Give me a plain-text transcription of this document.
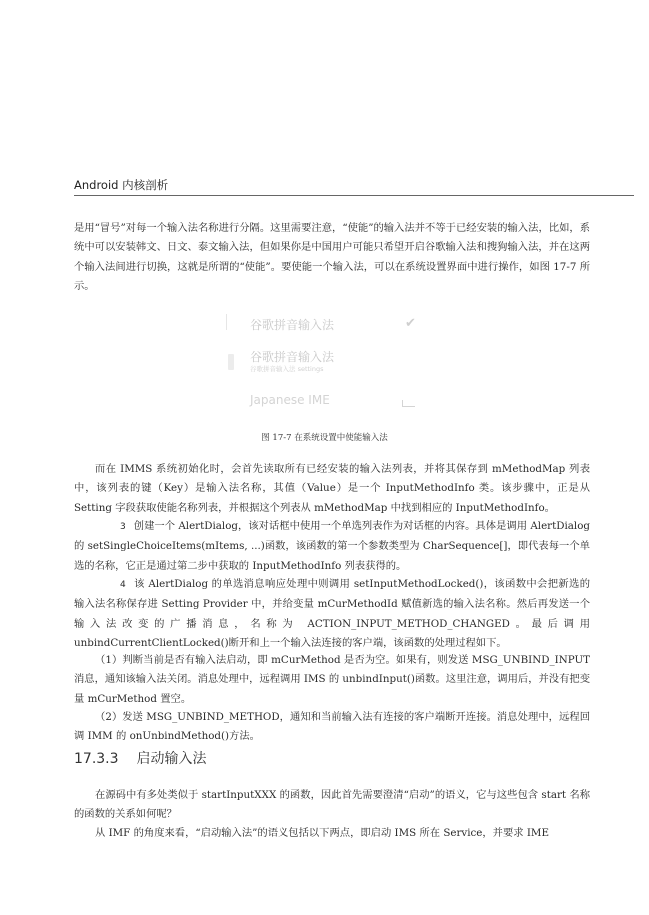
Android 内核剖析

是用“冒号”对每一个输入法名称进行分隔。这里需要注意，“使能”的输入法并不等于已经安装的输入法，比如，系统中可以安装韩文、日文、泰文输入法，但如果你是中国用户可能只希望开启谷歌输入法和搜狗输入法，并在这两个输入法间进行切换，这就是所谓的“使能”。要使能一个输入法，可以在系统设置界面中进行操作，如图 17-7 所示。

谷歌拼音输入法	✔
谷歌拼音输入法
谷歌拼音输入法 settings
Japanese IME
图 17-7 在系统设置中使能输入法

而在 IMMS 系统初始化时，会首先读取所有已经安装的输入法列表，并将其保存到 mMethodMap 列表中，该列表的键（Key）是输入法名称，其值（Value）是一个 InputMethodInfo 类。该步骤中，正是从 Setting 字段获取使能名称列表，并根据这个列表从 mMethodMap 中找到相应的 InputMethodInfo。

3 创建一个 AlertDialog，该对话框中使用一个单选列表作为对话框的内容。具体是调用 AlertDialog 的 setSingleChoiceItems(mItems, ...)函数，该函数的第一个参数类型为 CharSequence[]，即代表每一个单选的名称，它正是通过第二步中获取的 InputMethodInfo 列表获得的。

4 该 AlertDialog 的单选消息响应处理中则调用 setInputMethodLocked()，该函数中会把新选的输入法名称保存进 Setting Provider 中，并给变量 mCurMethodId 赋值新选的输入法名称。然后再发送一个输入法改变的广播消息，名称为 ACTION_INPUT_METHOD_CHANGED。最后调用 unbindCurrentClientLocked()断开和上一个输入法连接的客户端，该函数的处理过程如下。

（1）判断当前是否有输入法启动，即 mCurMethod 是否为空。如果有，则发送 MSG_UNBIND_INPUT 消息，通知该输入法关闭。消息处理中，远程调用 IMS 的 unbindInput()函数。这里注意，调用后，并没有把变量 mCurMethod 置空。

（2）发送 MSG_UNBIND_METHOD，通知和当前输入法有连接的客户端断开连接。消息处理中，远程回调 IMM 的 onUnbindMethod()方法。

17.3.3 启动输入法

在源码中有多处类似于 startInputXXX 的函数，因此首先需要澄清“启动”的语义，它与这些包含 start 名称的函数的关系如何呢？

从 IMF 的角度来看，“启动输入法”的语义包括以下两点，即启动 IMS 所在 Service，并要求 IME
